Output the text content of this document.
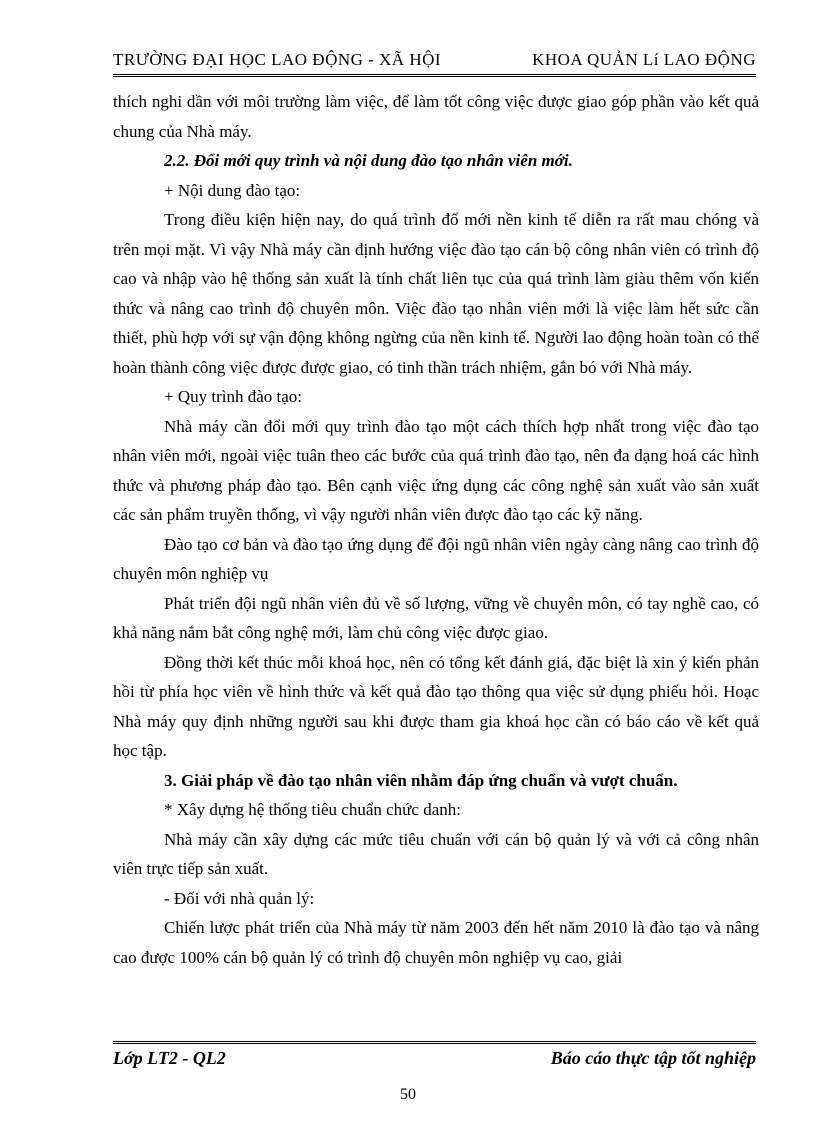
TRƯỜNG ĐẠI HỌC LAO ĐỘNG - XÃ HỘI	KHOA QUẢN Lí LAO ĐỘNG

thích nghi dần với môi trường làm việc, để làm tốt công việc được giao góp phần vào kết quả chung của Nhà máy.

2.2. Đổi mới quy trình và nội dung đào tạo nhân viên mới.

+ Nội dung đào tạo:

Trong điều kiện hiện nay, do quá trình đổ mới nền kinh tế diễn ra rất mau chóng và trên mọi mặt. Vì vậy Nhà máy cần định hướng việc đào tạo cán bộ công nhân viên có trình độ cao và nhập vào hệ thống sản xuất là tính chất liên tục của quá trình làm giàu thêm vốn kiến thức và nâng cao trình độ chuyên môn. Việc đào tạo nhân viên mới là việc làm hết sức cần thiết, phù hợp với sự vận động không ngừng của nền kinh tế. Người lao động hoàn toàn có thể hoàn thành công việc được được giao, có tinh thần trách nhiệm, gắn bó với Nhà máy.

+ Quy trình đào tạo:

Nhà máy cần đổi mới quy trình đào tạo một cách thích hợp nhất trong việc đào tạo nhân viên mới, ngoài việc tuân theo các bước của quá trình đào tạo, nên đa dạng hoá các hình thức và phương pháp đào tạo. Bên cạnh việc ứng dụng các công nghệ sản xuất vào sản xuất các sản phẩm truyền thống, vì vậy người nhân viên được đào tạo các kỹ năng.

Đào tạo cơ bản và đào tạo ứng dụng để đội ngũ nhân viên ngày càng nâng cao trình độ chuyên môn nghiệp vụ

Phát triển đội ngũ nhân viên đủ về số lượng, vững về chuyên môn, có tay nghề cao, có khả năng nắm bắt công nghệ mới, làm chủ công việc được giao.

Đồng thời kết thúc mỗi khoá học, nên có tổng kết đánh giá, đặc biệt là xin ý kiến phản hồi từ phía học viên về hình thức và kết quả đào tạo thông qua việc sử dụng phiếu hỏi. Hoạc Nhà máy quy định những người sau khi được tham gia khoá học cần có báo cáo về kết quả học tập.

3. Giải pháp về đào tạo nhân viên nhằm đáp ứng chuẩn và vượt chuẩn.

* Xây dựng hệ thống tiêu chuẩn chức danh:

Nhà máy cần xây dựng các mức tiêu chuẩn với cán bộ quản lý và với cả công nhân viên trực tiếp sản xuất.

- Đối với nhà quản lý:

Chiến lược phát triển của Nhà máy từ năm 2003 đến hết năm 2010 là đào tạo và nâng cao được 100% cán bộ quản lý có trình độ chuyên môn nghiệp vụ cao, giải

Lớp LT2 - QL2	Báo cáo thực tập tốt nghiệp
50
